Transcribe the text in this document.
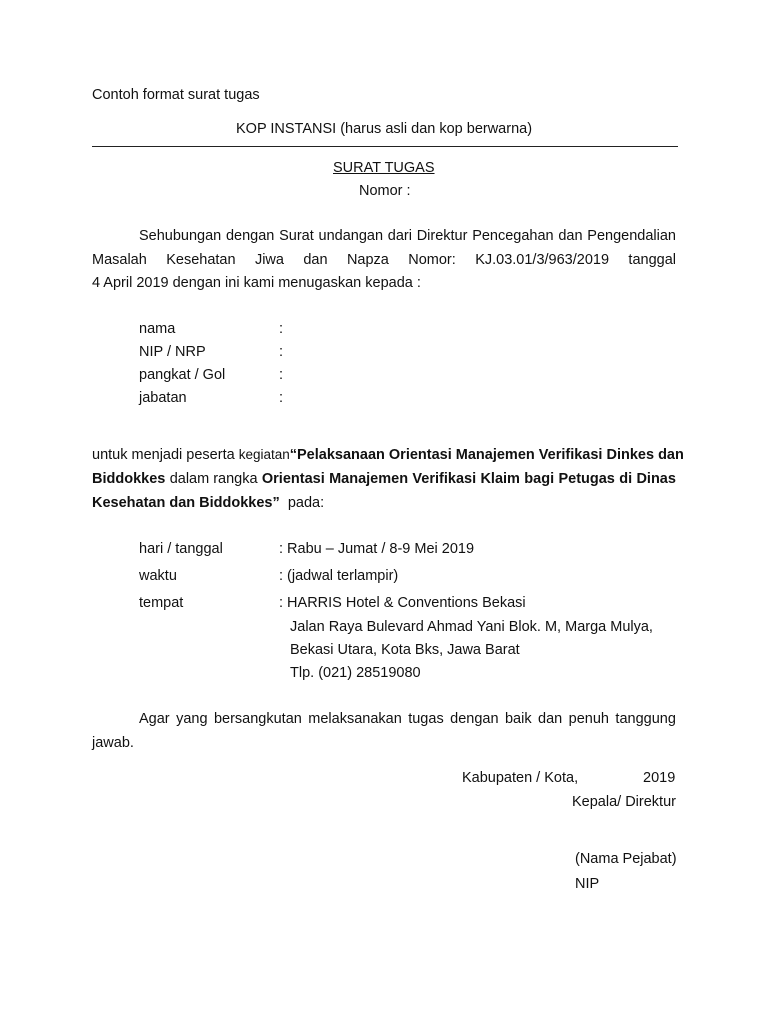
Contoh format surat tugas
KOP INSTANSI (harus asli dan kop berwarna)
SURAT TUGAS
Nomor :
Sehubungan dengan Surat undangan dari Direktur Pencegahan dan Pengendalian
Masalah Kesehatan Jiwa dan Napza Nomor: KJ.03.01/3/963/2019 tanggal
4 April 2019 dengan ini kami menugaskan kepada :
nama	:
NIP / NRP	:
pangkat / Gol	:
jabatan	:
untuk menjadi peserta kegiatan“Pelaksanaan Orientasi Manajemen Verifikasi Dinkes dan
Biddokkes dalam rangka Orientasi Manajemen Verifikasi Klaim bagi Petugas di Dinas
Kesehatan dan Biddokkes” pada:
hari / tanggal	: Rabu – Jumat / 8-9 Mei 2019
waktu	: (jadwal terlampir)
tempat	: HARRIS Hotel & Conventions Bekasi
Jalan Raya Bulevard Ahmad Yani Blok. M, Marga Mulya,
Bekasi Utara, Kota Bks, Jawa Barat
Tlp. (021) 28519080
Agar yang bersangkutan melaksanakan tugas dengan baik dan penuh tanggung
jawab.
Kabupaten / Kota,	2019
Kepala/ Direktur
(Nama Pejabat)
NIP
